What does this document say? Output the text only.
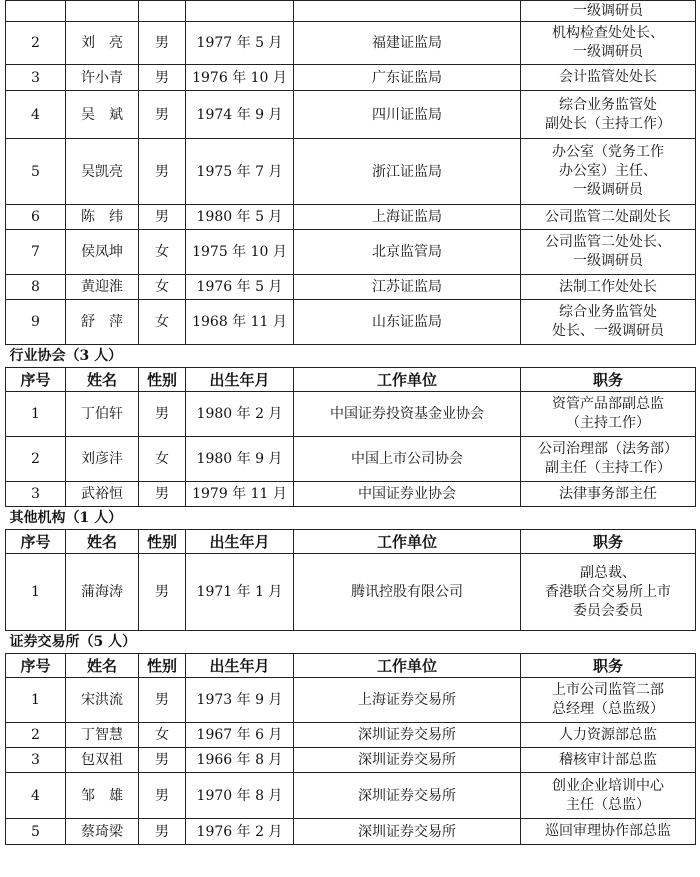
					一级调研员

2	刘　亮	男	1977 年 5 月	福建证监局	机构检查处处长、
一级调研员

3	许小青	男	1976 年 10 月	广东证监局	会计监管处处长

4	吴　斌	男	1974 年 9 月	四川证监局	综合业务监管处
副处长（主持工作）

5	吴凯亮	男	1975 年 7 月	浙江证监局	办公室（党务工作
办公室）主任、
一级调研员

6	陈　纬	男	1980 年 5 月	上海证监局	公司监管二处副处长

7	侯凤坤	女	1975 年 10 月	北京监管局	公司监管二处处长、
一级调研员

8	黄迎淮	女	1976 年 5 月	江苏证监局	法制工作处处长

9	舒　萍	女	1968 年 11 月	山东证监局	综合业务监管处
处长、一级调研员

行业协会（3 人）					
序号	姓名	性别	出生年月	工作单位	职务
1	丁伯轩	男	1980 年 2 月	中国证券投资基金业协会	资管产品部副总监
（主持工作）

2	刘彦沣	女	1980 年 9 月	中国上市公司协会	公司治理部（法务部）
副主任（主持工作）

3	武裕恒	男	1979 年 11 月	中国证券业协会	法律事务部主任

其他机构（1 人）					
序号	姓名	性别	出生年月	工作单位	职务
1	蒲海涛	男	1971 年 1 月	腾讯控股有限公司	副总裁、
香港联合交易所上市
委员会委员

证券交易所（5 人）					
序号	姓名	性别	出生年月	工作单位	职务
1	宋洪流	男	1973 年 9 月	上海证券交易所	上市公司监管二部
总经理（总监级）

2	丁智慧	女	1967 年 6 月	深圳证券交易所	人力资源部总监

3	包双祖	男	1966 年 8 月	深圳证券交易所	稽核审计部总监

4	邹　雄	男	1970 年 8 月	深圳证券交易所	创业企业培训中心
主任（总监）

5	蔡琦梁	男	1976 年 2 月	深圳证券交易所	巡回审理协作部总监
